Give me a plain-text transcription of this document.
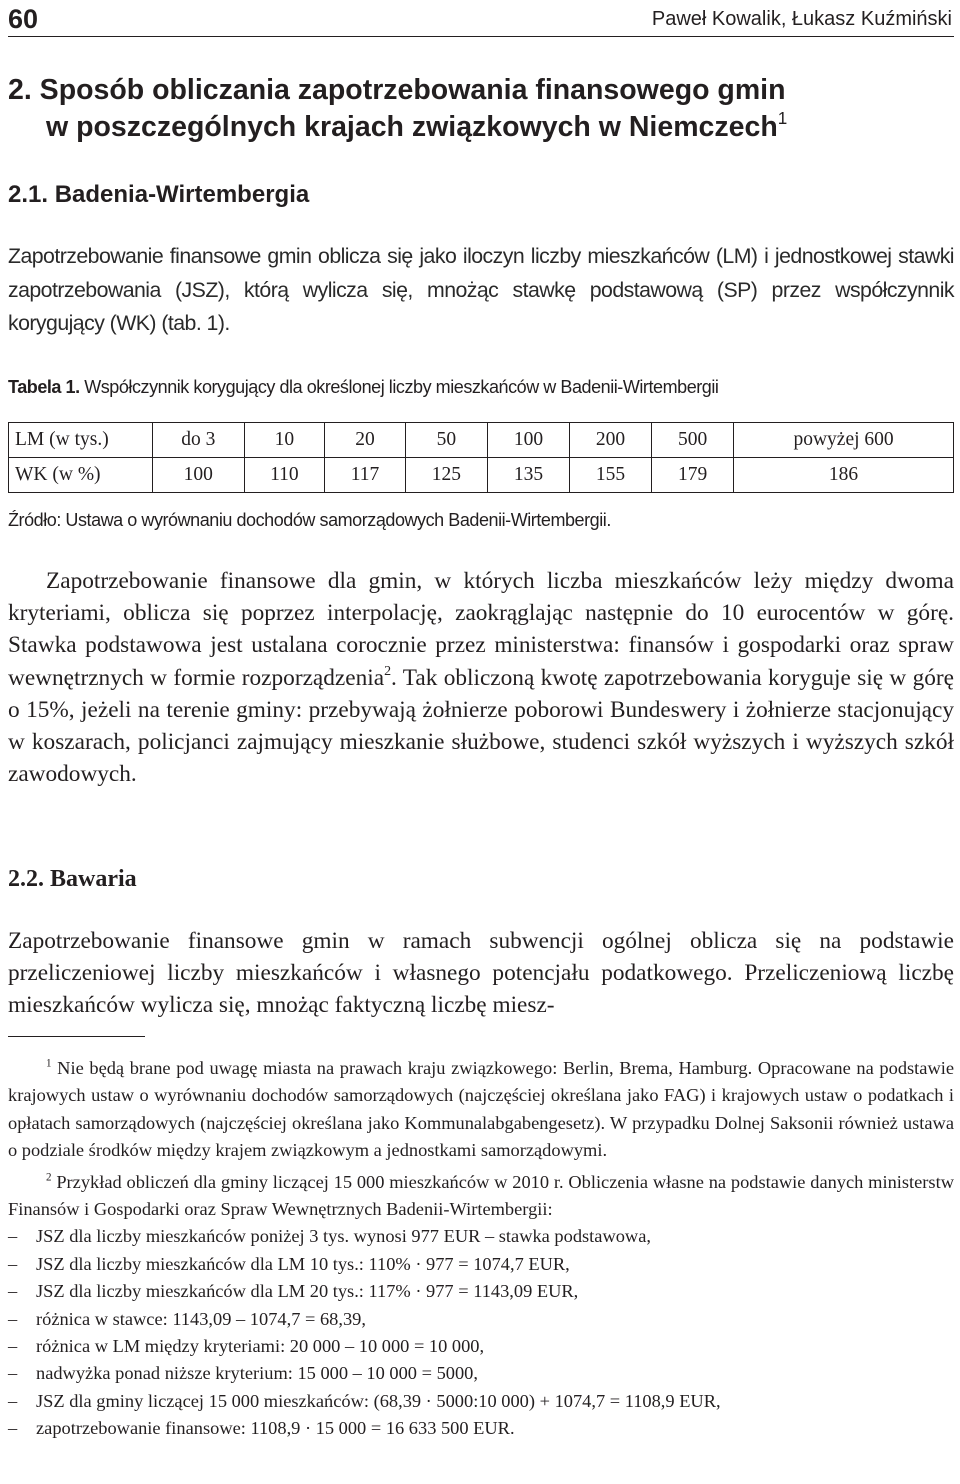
60	Paweł Kowalik, Łukasz Kuźmiński
2. Sposób obliczania zapotrzebowania finansowego gmin
w poszczególnych krajach związkowych w Niemczech$^1$
2.1. Badenia-Wirtembergia

Zapotrzebowanie finansowe gmin oblicza się jako iloczyn liczby mieszkańców (LM) i jednostkowej stawki zapotrzebowania (JSZ), którą wylicza się, mnożąc stawkę podstawową (SP) przez współczynnik korygujący (WK) (tab. 1).

Tabela 1. Współczynnik korygujący dla określonej liczby mieszkańców w Badenii-Wirtembergii
LM (w tys.)	do 3	10	20	50	100	200	500	powyżej 600
WK (w %)	100	110	117	125	135	155	179	186
Źródło: Ustawa o wyrównaniu dochodów samorządowych Badenii-Wirtembergii.

Zapotrzebowanie finansowe dla gmin, w których liczba mieszkańców leży między dwoma kryteriami, oblicza się poprzez interpolację, zaokrąglając następnie do 10 eurocentów w górę. Stawka podstawowa jest ustalana corocznie przez ministerstwa: finansów i gospodarki oraz spraw wewnętrznych w formie rozporządzenia$^2$. Tak obliczoną kwotę zapotrzebowania koryguje się w górę o 15%, jeżeli na terenie gminy: przebywają żołnierze poborowi Bundeswery i żołnierze stacjonujący w koszarach, policjanci zajmujący mieszkanie służbowe, studenci szkół wyższych i wyższych szkół zawodowych.

2.2. Bawaria

Zapotrzebowanie finansowe gmin w ramach subwencji ogólnej oblicza się na podstawie przeliczeniowej liczby mieszkańców i własnego potencjału podatkowego. Przeliczeniową liczbę mieszkańców wylicza się, mnożąc faktyczną liczbę miesz-

$^1$ Nie będą brane pod uwagę miasta na prawach kraju związkowego: Berlin, Brema, Hamburg. Opracowane na podstawie krajowych ustaw o wyrównaniu dochodów samorządowych (najczęściej określana jako FAG) i krajowych ustaw o podatkach i opłatach samorządowych (najczęściej określana jako Kommunalabgabengesetz). W przypadku Dolnej Saksonii również ustawa o podziale środków między krajem związkowym a jednostkami samorządowymi.

$^2$ Przykład obliczeń dla gminy liczącej 15 000 mieszkańców w 2010 r. Obliczenia własne na podstawie danych ministerstw Finansów i Gospodarki oraz Spraw Wewnętrznych Badenii-Wirtembergii:

– JSZ dla liczby mieszkańców poniżej 3 tys. wynosi 977 EUR – stawka podstawowa,
– JSZ dla liczby mieszkańców dla LM 10 tys.: 110% · 977 = 1074,7 EUR,
– JSZ dla liczby mieszkańców dla LM 20 tys.: 117% · 977 = 1143,09 EUR,
– różnica w stawce: 1143,09 – 1074,7 = 68,39,
– różnica w LM między kryteriami: 20 000 – 10 000 = 10 000,
– nadwyżka ponad niższe kryterium: 15 000 – 10 000 = 5000,
– JSZ dla gminy liczącej 15 000 mieszkańców: (68,39 · 5000:10 000) + 1074,7 = 1108,9 EUR,
– zapotrzebowanie finansowe: 1108,9 · 15 000 = 16 633 500 EUR.
